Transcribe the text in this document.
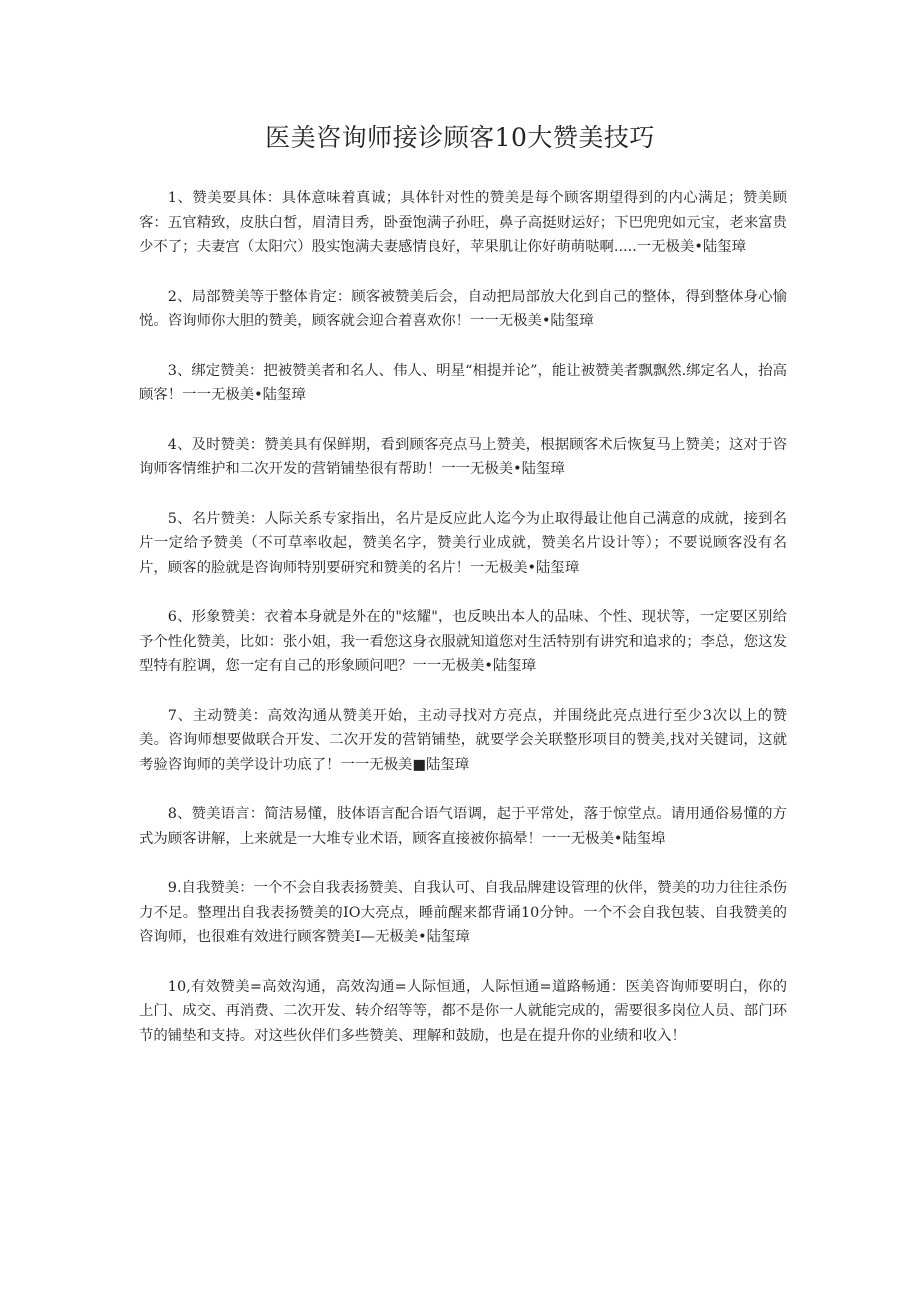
医美咨询师接诊顾客10大赞美技巧

1、赞美要具体：具体意味着真诚；具体针对性的赞美是每个顾客期望得到的内心满足；赞美顾客：五官精致，皮肤白皙，眉清目秀，卧蚕饱满子孙旺，鼻子高挺财运好；下巴兜兜如元宝，老来富贵少不了；夫妻宫（太阳穴）股实饱满夫妻感情良好，苹果肌让你好萌萌哒啊.....一无极美•陆玺璋

2、局部赞美等于整体肯定：顾客被赞美后会，自动把局部放大化到自己的整体，得到整体身心愉悦。咨询师你大胆的赞美，顾客就会迎合着喜欢你！一一无极美•陆玺璋

3、绑定赞美：把被赞美者和名人、伟人、明星“相提并论”，能让被赞美者飘飘然.绑定名人，抬高顾客！一一无极美•陆玺璋

4、及时赞美：赞美具有保鲜期，看到顾客亮点马上赞美，根据顾客术后恢复马上赞美；这对于咨询师客情维护和二次开发的营销铺垫很有帮助！一一无极美•陆玺璋

5、名片赞美：人际关系专家指出，名片是反应此人迄今为止取得最让他自己满意的成就，接到名片一定给予赞美（不可草率收起，赞美名字，赞美行业成就，赞美名片设计等）；不要说顾客没有名片，顾客的脸就是咨询师特别要研究和赞美的名片！一无极美•陆玺璋

6、形象赞美：衣着本身就是外在的"炫耀"，也反映出本人的品味、个性、现状等，一定要区别给予个性化赞美，比如：张小姐，我一看您这身衣服就知道您对生活特别有讲究和追求的；李总，您这发型特有腔调，您一定有自己的形象顾问吧？一一无极美•陆玺璋

7、主动赞美：高效沟通从赞美开始，主动寻找对方亮点，并围绕此亮点进行至少3次以上的赞美。咨询师想要做联合开发、二次开发的营销铺垫，就要学会关联整形项目的赞美,找对关键词，这就考验咨询师的美学设计功底了！一一无极美■陆玺璋

8、赞美语言：简洁易懂，肢体语言配合语气语调，起于平常处，落于惊堂点。请用通俗易懂的方式为顾客讲解，上来就是一大堆专业术语，顾客直接被你搞晕！一一无极美•陆玺埠

9.自我赞美：一个不会自我表扬赞美、自我认可、自我品牌建设管理的伙伴，赞美的功力往往杀伤力不足。整理出自我表扬赞美的IO大亮点，睡前醒来都背诵10分钟。一个不会自我包装、自我赞美的咨询师，也很难有效进行顾客赞美I—无极美•陆玺璋

10,有效赞美=高效沟通，高效沟通=人际恒通，人际恒通=道路畅通：医美咨询师要明白，你的上门、成交、再消费、二次开发、转介绍等等，都不是你一人就能完成的，需要很多岗位人员、部门环节的铺垫和支持。对这些伙伴们多些赞美、理解和鼓励，也是在提升你的业绩和收入！
